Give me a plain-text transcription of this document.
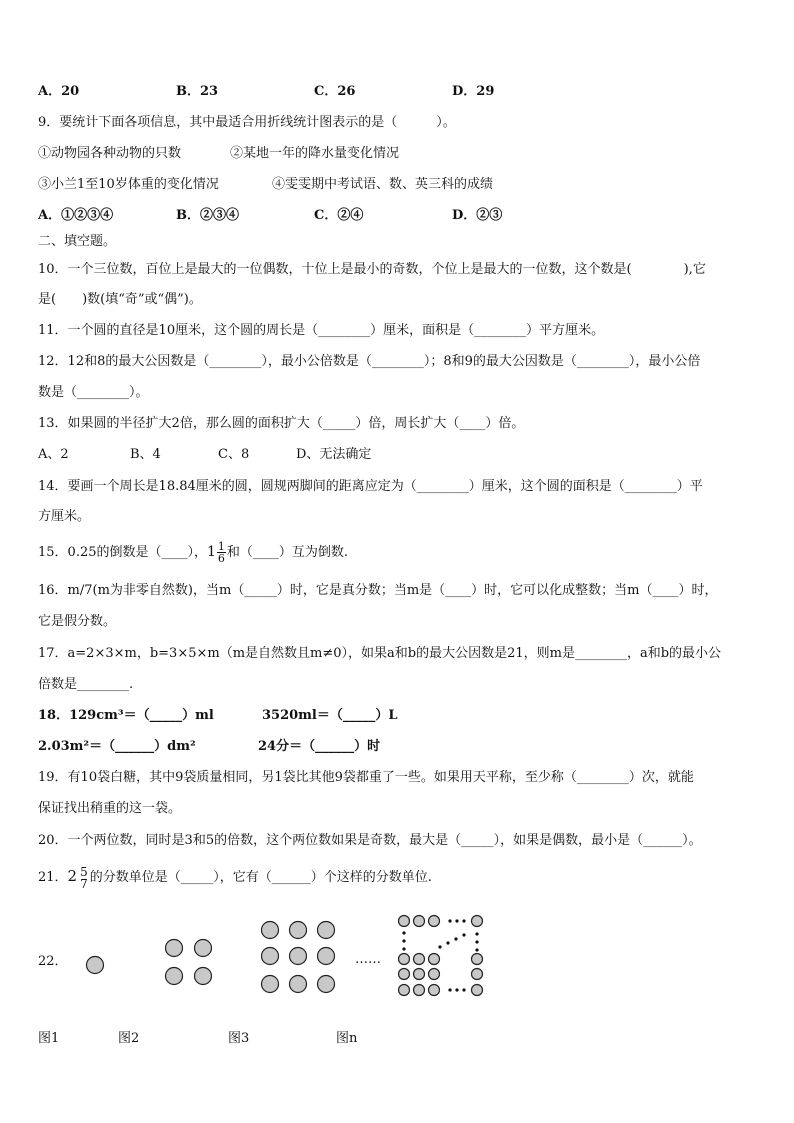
A．20	B．23	C．26	D．29
9．要统计下面各项信息，其中最适合用折线统计图表示的是（　　　）。
①动物园各种动物的只数	②某地一年的降水量变化情况
③小兰1至10岁体重的变化情况	④雯雯期中考试语、数、英三科的成绩
A．①②③④	B．②③④	C．②④	D．②③
二、填空题。
10．一个三位数，百位上是最大的一位偶数，十位上是最小的奇数，个位上是最大的一位数，这个数是(　　　　),它
是(　　)数(填“奇”或“偶”)。
11．一个圆的直径是10厘米，这个圆的周长是（________）厘米，面积是（________）平方厘米。
12．12和8的最大公因数是（________），最小公倍数是（________）；8和9的最大公因数是（________），最小公倍
数是（________）。
13．如果圆的半径扩大2倍，那么圆的面积扩大（_____）倍，周长扩大（____）倍。
A、2	B、4	C、8	D、无法确定
14．要画一个周长是18.84厘米的圆，圆规两脚间的距离应定为（________）厘米，这个圆的面积是（________）平
方厘米。
15．0.25的倒数是（____），$1 \frac{1}{6}$ 和（____）互为倒数.
16．m/7(m为非零自然数)，当m（_____）时，它是真分数；当m是（____）时，它可以化成整数；当m（____）时，
它是假分数。
17．a=2×3×m，b=3×5×m（m是自然数且m≠0），如果a和b的最大公因数是21，则m是________，a和b的最小公
倍数是________.
18．129cm³＝（_____）ml	3520ml＝（_____）L
2.03m²＝（______）dm²	24分＝（______）时
19．有10袋白糖，其中9袋质量相同，另1袋比其他9袋都重了一些。如果用天平称，至少称（________）次，就能
保证找出稍重的这一袋。
20．一个两位数，同时是3和5的倍数，这个两位数如果是奇数，最大是（_____），如果是偶数，最小是（______）。
21．2 5
7 的分数单位是（_____），它有（______）个这样的分数单位.
22．	……
图1	图2	图3	图n
